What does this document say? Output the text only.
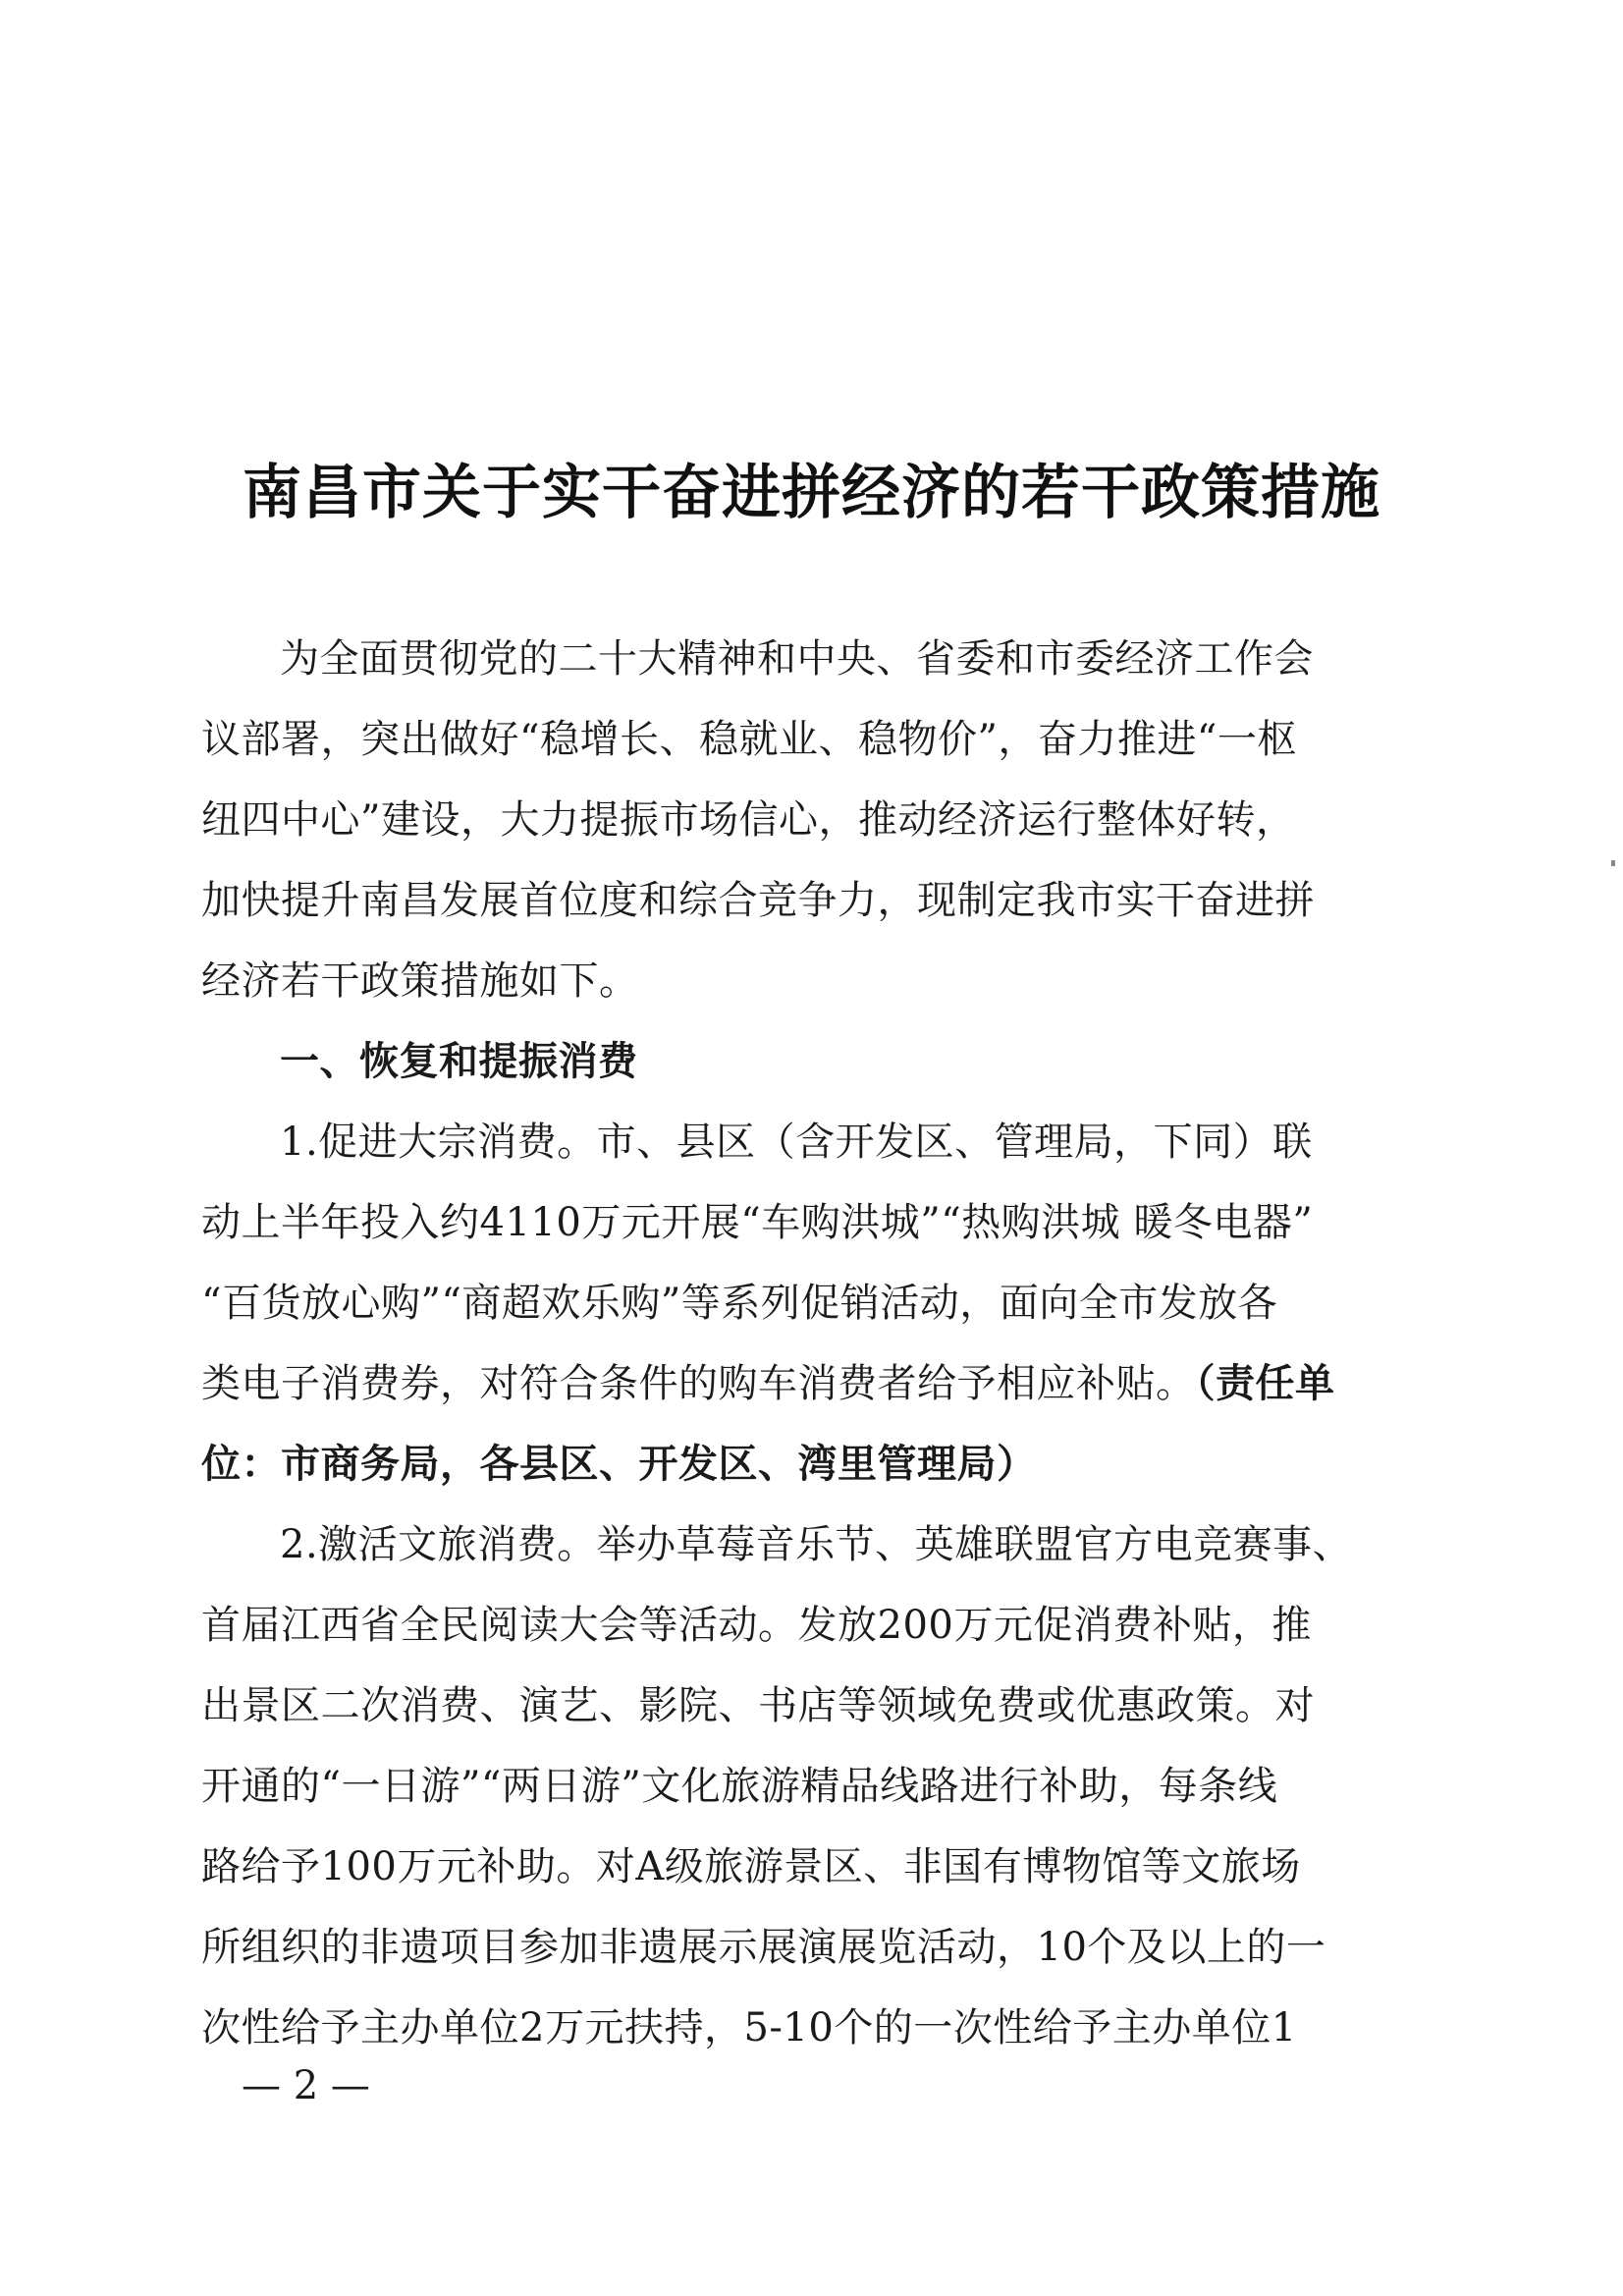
南昌市关于实干奋进拼经济的若干政策措施
为全面贯彻党的二十大精神和中央、省委和市委经济工作会
议部署，突出做好“稳增长、稳就业、稳物价”，奋力推进“一枢
纽四中心”建设，大力提振市场信心，推动经济运行整体好转，
加快提升南昌发展首位度和综合竞争力，现制定我市实干奋进拼
经济若干政策措施如下。
一、恢复和提振消费
1.促进大宗消费。市、县区（含开发区、管理局，下同）联
动上半年投入约4110万元开展“车购洪城”“热购洪城 暖冬电器”
“百货放心购”“商超欢乐购”等系列促销活动，面向全市发放各
类电子消费券，对符合条件的购车消费者给予相应补贴。（责任单
位：市商务局，各县区、开发区、湾里管理局）
2.激活文旅消费。举办草莓音乐节、英雄联盟官方电竞赛事、
首届江西省全民阅读大会等活动。发放200万元促消费补贴，推
出景区二次消费、演艺、影院、书店等领域免费或优惠政策。对
开通的“一日游”“两日游”文化旅游精品线路进行补助，每条线
路给予100万元补助。对A级旅游景区、非国有博物馆等文旅场
所组织的非遗项目参加非遗展示展演展览活动，10个及以上的一
次性给予主办单位2万元扶持，5-10个的一次性给予主办单位1
— 2 —
